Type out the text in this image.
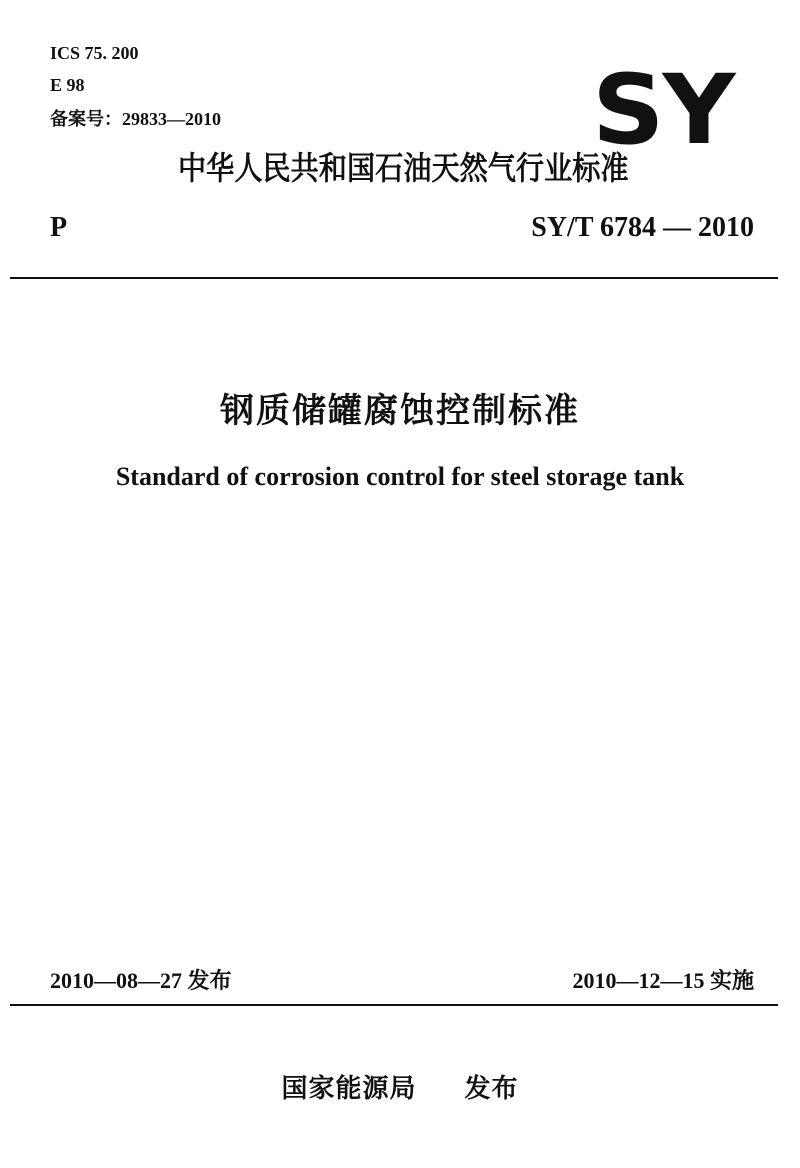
ICS 75. 200
E 98
备案号：29833—2010	SY
中华人民共和国石油天然气行业标准
P	SY/T 6784 — 2010
钢质储罐腐蚀控制标准
Standard of corrosion control for steel storage tank
2010—08—27 发布	2010—12—15 实施
国家能源局  发布
